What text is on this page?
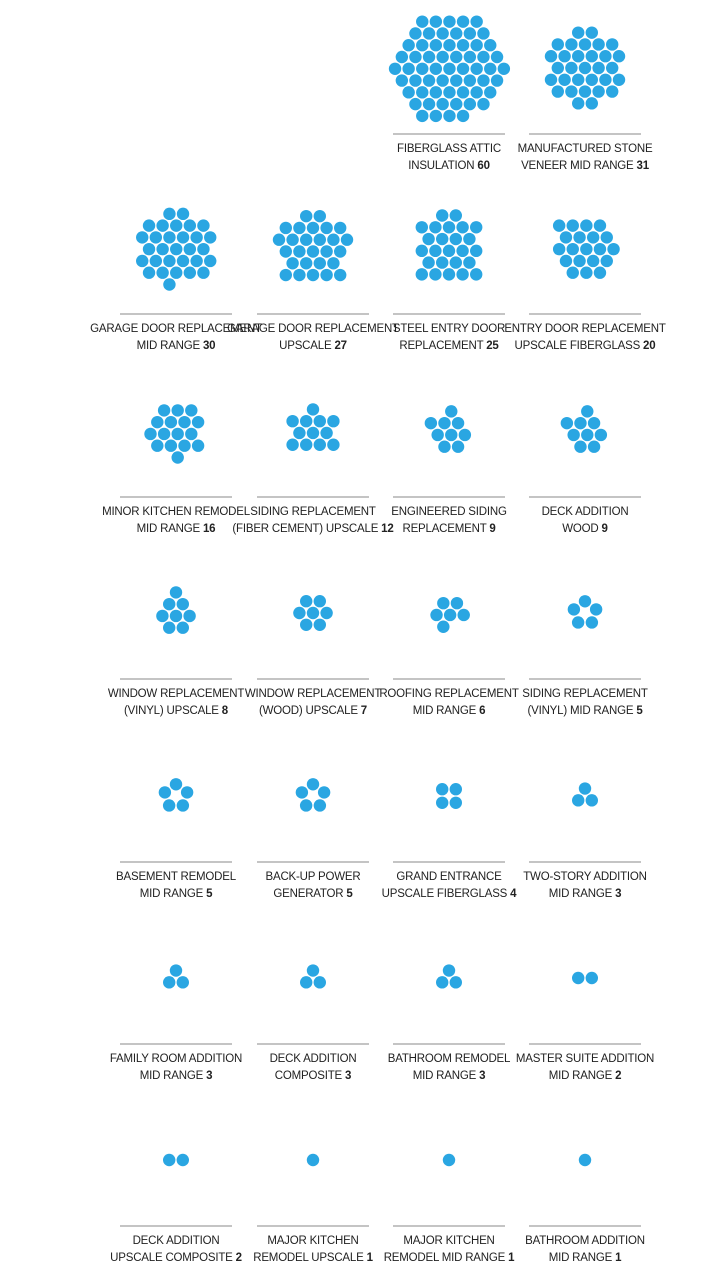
FIBERGLASS ATTIC
INSULATION 60
MANUFACTURED STONE
VENEER MID RANGE 31
GARAGE DOOR REPLACEMENT
MID RANGE 30
GARAGE DOOR REPLACEMENT
UPSCALE 27
STEEL ENTRY DOOR
REPLACEMENT 25
ENTRY DOOR REPLACEMENT
UPSCALE FIBERGLASS 20
MINOR KITCHEN REMODEL
MID RANGE 16
SIDING REPLACEMENT
(FIBER CEMENT) UPSCALE 12
ENGINEERED SIDING
REPLACEMENT 9
DECK ADDITION
WOOD 9
WINDOW REPLACEMENT
(VINYL) UPSCALE 8
WINDOW REPLACEMENT
(WOOD) UPSCALE 7
ROOFING REPLACEMENT
MID RANGE 6
SIDING REPLACEMENT
(VINYL) MID RANGE 5
BASEMENT REMODEL
MID RANGE 5
BACK-UP POWER
GENERATOR 5
GRAND ENTRANCE
UPSCALE FIBERGLASS 4
TWO-STORY ADDITION
MID RANGE 3
FAMILY ROOM ADDITION
MID RANGE 3
DECK ADDITION
COMPOSITE 3
BATHROOM REMODEL
MID RANGE 3
MASTER SUITE ADDITION
MID RANGE 2
DECK ADDITION
UPSCALE COMPOSITE 2
MAJOR KITCHEN
REMODEL UPSCALE 1
MAJOR KITCHEN
REMODEL MID RANGE 1
BATHROOM ADDITION
MID RANGE 1
